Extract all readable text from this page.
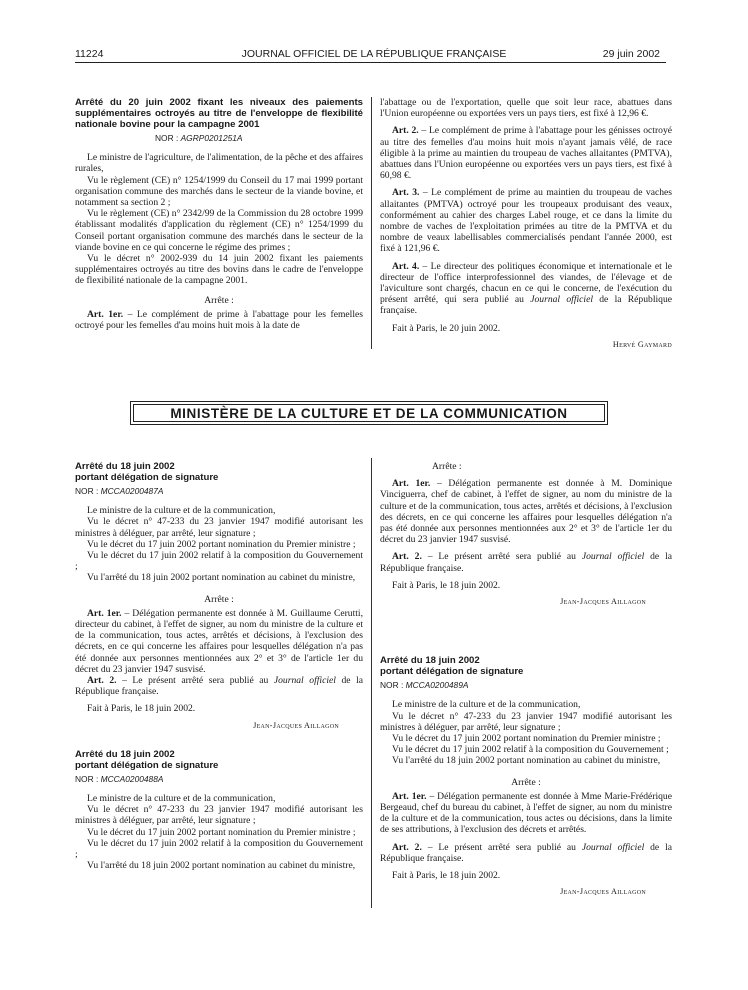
JOURNAL OFFICIEL DE LA RÉPUBLIQUE FRANÇAISE
11224	29 juin 2002

Arrêté du 20 juin 2002 fixant les niveaux des paiements supplémentaires octroyés au titre de l'enveloppe de flexibilité nationale bovine pour la campagne 2001

NOR : AGRP0201251A

Le ministre de l'agriculture, de l'alimentation, de la pêche et des affaires rurales,

Vu le règlement (CE) n° 1254/1999 du Conseil du 17 mai 1999 portant organisation commune des marchés dans le secteur de la viande bovine, et notamment sa section 2 ;

Vu le règlement (CE) n° 2342/99 de la Commission du 28 octobre 1999 établissant modalités d'application du règlement (CE) n° 1254/1999 du Conseil portant organisation commune des marchés dans le secteur de la viande bovine en ce qui concerne le régime des primes ;

Vu le décret n° 2002-939 du 14 juin 2002 fixant les paiements supplémentaires octroyés au titre des bovins dans le cadre de l'enveloppe de flexibilité nationale de la campagne 2001.

Arrête :

Art. 1er. – Le complément de prime à l'abattage pour les femelles octroyé pour les femelles d'au moins huit mois à la date de

l'abattage ou de l'exportation, quelle que soit leur race, abattues dans l'Union européenne ou exportées vers un pays tiers, est fixé à 12,96 €.

Art. 2. – Le complément de prime à l'abattage pour les génisses octroyé au titre des femelles d'au moins huit mois n'ayant jamais vêlé, de race éligible à la prime au maintien du troupeau de vaches allaitantes (PMTVA), abattues dans l'Union européenne ou exportées vers un pays tiers, est fixé à 60,98 €.

Art. 3. – Le complément de prime au maintien du troupeau de vaches allaitantes (PMTVA) octroyé pour les troupeaux produisant des veaux, conformément au cahier des charges Label rouge, et ce dans la limite du nombre de vaches de l'exploitation primées au titre de la PMTVA et du nombre de veaux labellisables commercialisés pendant l'année 2000, est fixé à 121,96 €.

Art. 4. – Le directeur des politiques économique et internationale et le directeur de l'office interprofessionnel des viandes, de l'élevage et de l'aviculture sont chargés, chacun en ce qui le concerne, de l'exécution du présent arrêté, qui sera publié au Journal officiel de la République française.

Fait à Paris, le 20 juin 2002.

Hervé Gaymard

MINISTÈRE DE LA CULTURE ET DE LA COMMUNICATION

Arrêté du 18 juin 2002

portant délégation de signature

NOR : MCCA0200487A

Le ministre de la culture et de la communication,

Vu le décret n° 47-233 du 23 janvier 1947 modifié autorisant les ministres à déléguer, par arrêté, leur signature ;

Vu le décret du 17 juin 2002 portant nomination du Premier ministre ;

Vu le décret du 17 juin 2002 relatif à la composition du Gouvernement ;

Vu l'arrêté du 18 juin 2002 portant nomination au cabinet du ministre,

Arrête :

Art. 1er. – Délégation permanente est donnée à M. Guillaume Cerutti, directeur du cabinet, à l'effet de signer, au nom du ministre de la culture et de la communication, tous actes, arrêtés et décisions, à l'exclusion des décrets, en ce qui concerne les affaires pour lesquelles délégation n'a pas été donnée aux personnes mentionnées aux 2° et 3° de l'article 1er du décret du 23 janvier 1947 susvisé.

Art. 2. – Le présent arrêté sera publié au Journal officiel de la République française.

Fait à Paris, le 18 juin 2002.

Jean-Jacques Aillagon

Arrêté du 18 juin 2002

portant délégation de signature

NOR : MCCA0200488A

Le ministre de la culture et de la communication,

Vu le décret n° 47-233 du 23 janvier 1947 modifié autorisant les ministres à déléguer, par arrêté, leur signature ;

Vu le décret du 17 juin 2002 portant nomination du Premier ministre ;

Vu le décret du 17 juin 2002 relatif à la composition du Gouvernement ;

Vu l'arrêté du 18 juin 2002 portant nomination au cabinet du ministre,

Arrête :

Art. 1er. – Délégation permanente est donnée à M. Dominique Vinciguerra, chef de cabinet, à l'effet de signer, au nom du ministre de la culture et de la communication, tous actes, arrêtés et décisions, à l'exclusion des décrets, en ce qui concerne les affaires pour lesquelles délégation n'a pas été donnée aux personnes mentionnées aux 2° et 3° de l'article 1er du décret du 23 janvier 1947 susvisé.

Art. 2. – Le présent arrêté sera publié au Journal officiel de la République française.

Fait à Paris, le 18 juin 2002.

Jean-Jacques Aillagon

Arrêté du 18 juin 2002

portant délégation de signature

NOR : MCCA0200489A

Le ministre de la culture et de la communication,

Vu le décret n° 47-233 du 23 janvier 1947 modifié autorisant les ministres à déléguer, par arrêté, leur signature ;

Vu le décret du 17 juin 2002 portant nomination du Premier ministre ;

Vu le décret du 17 juin 2002 relatif à la composition du Gouvernement ;

Vu l'arrêté du 18 juin 2002 portant nomination au cabinet du ministre,

Arrête :

Art. 1er. – Délégation permanente est donnée à Mme Marie-Frédérique Bergeaud, chef du bureau du cabinet, à l'effet de signer, au nom du ministre de la culture et de la communication, tous actes ou décisions, dans la limite de ses attributions, à l'exclusion des décrets et arrêtés.

Art. 2. – Le présent arrêté sera publié au Journal officiel de la République française.

Fait à Paris, le 18 juin 2002.

Jean-Jacques Aillagon
